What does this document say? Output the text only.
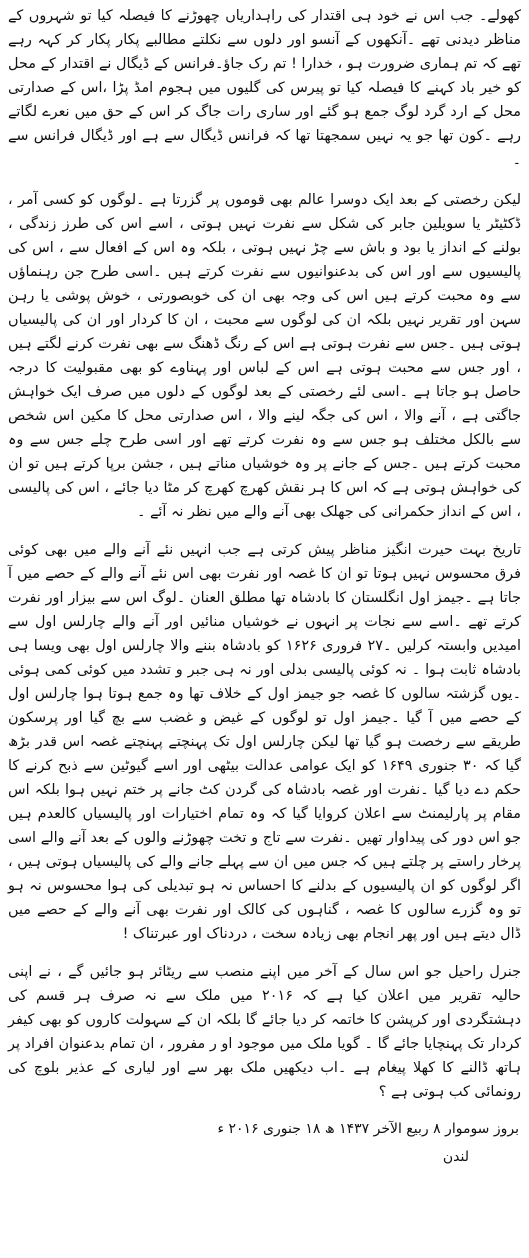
کھولے۔ جب اس نے خود ہی اقتدار کی راہداریاں چھوڑنے کا فیصلہ کیا تو شہروں کے مناظر دیدنی تھے ۔آنکھوں کے آنسو اور دلوں سے نکلتے مطالبے پکار پکار کر کہہ رہے تھے کہ تم ہماری ضرورت ہو ، خدارا ! تم رک جاؤ۔فرانس کے ڈیگال نے اقتدار کے محل کو خیر باد کہنے کا فیصلہ کیا تو پیرس کی گلیوں میں ہجوم امڈ پڑا ،اس کے صدارتی محل کے ارد گرد لوگ جمع ہو گئے اور ساری رات جاگ کر اس کے حق میں نعرے لگاتے رہے ۔کون تھا جو یہ نہیں سمجھتا تھا کہ فرانس ڈیگال سے ہے اور ڈیگال فرانس سے ۔

لیکن رخصتی کے بعد ایک دوسرا عالم بھی قوموں پر گزرتا ہے ۔لوگوں کو کسی آمر ، ڈکٹیٹر یا سویلین جابر کی شکل سے نفرت نہیں ہوتی ، اسے اس کی طرز زندگی ، بولنے کے انداز یا بود و باش سے چڑ نہیں ہوتی ، بلکہ وہ اس کے افعال سے ، اس کی پالیسیوں سے اور اس کی بدعنوانیوں سے نفرت کرتے ہیں ۔اسی طرح جن رہنماؤں سے وہ محبت کرتے ہیں اس کی وجہ بھی ان کی خوبصورتی ، خوش پوشی یا رہن سہن اور تقریر نہیں بلکہ ان کی لوگوں سے محبت ، ان کا کردار اور ان کی پالیسیاں ہوتی ہیں ۔جس سے نفرت ہوتی ہے اس کے رنگ ڈھنگ سے بھی نفرت کرنے لگتے ہیں ، اور جس سے محبت ہوتی ہے اس کے لباس اور پہناوے کو بھی مقبولیت کا درجہ حاصل ہو جاتا ہے ۔اسی لئے رخصتی کے بعد لوگوں کے دلوں میں صرف ایک خواہش جاگتی ہے ، آنے والا ، اس کی جگہ لینے والا ، اس صدارتی محل کا مکین اس شخص سے بالکل مختلف ہو جس سے وہ نفرت کرتے تھے اور اسی طرح چلے جس سے وہ محبت کرتے ہیں ۔جس کے جانے پر وہ خوشیاں مناتے ہیں ، جشن برپا کرتے ہیں تو ان کی خواہش ہوتی ہے کہ اس کا ہر نقش کھرچ کھرچ کر مٹا دیا جائے ، اس کی پالیسی ، اس کے انداز حکمرانی کی جھلک بھی آنے والے میں نظر نہ آئے ۔

تاریخ بہت حیرت انگیز مناظر پیش کرتی ہے جب انہیں نئے آنے والے میں بھی کوئی فرق محسوس نہیں ہوتا تو ان کا غصہ اور نفرت بھی اس نئے آنے والے کے حصے میں آ جاتا ہے ۔جیمز اول انگلستان کا بادشاہ تھا مطلق العنان ۔لوگ اس سے بیزار اور نفرت کرتے تھے ۔اسے سے نجات پر انہوں نے خوشیاں منائیں اور آنے والے چارلس اول سے امیدیں وابستہ کرلیں ۔۲۷ فروری ۱۶۲۶ کو بادشاہ بننے والا چارلس اول بھی ویسا ہی بادشاہ ثابت ہوا ۔ نہ کوئی پالیسی بدلی اور نہ ہی جبر و تشدد میں کوئی کمی ہوئی ۔یوں گزشتہ سالوں کا غصہ جو جیمز اول کے خلاف تھا وہ جمع ہوتا ہوا چارلس اول کے حصے میں آ گیا ۔جیمز اول تو لوگوں کے غیض و غضب سے بچ گیا اور پرسکون طریقے سے رخصت ہو گیا تھا لیکن چارلس اول تک پہنچتے پہنچتے غصہ اس قدر بڑھ گیا کہ ۳۰ جنوری ۱۶۴۹ کو ایک عوامی عدالت بیٹھی اور اسے گیوٹین سے ذبح کرنے کا حکم دے دیا گیا ۔نفرت اور غصہ بادشاہ کی گردن کٹ جانے پر ختم نہیں ہوا بلکہ اس مقام پر پارلیمنٹ سے اعلان کروایا گیا کہ وہ تمام اختیارات اور پالیسیاں کالعدم ہیں جو اس دور کی پیداوار تھیں ۔نفرت سے تاج و تخت چھوڑنے والوں کے بعد آنے والے اسی پرخار راستے پر چلتے ہیں کہ جس میں ان سے پہلے جانے والے کی پالیسیاں ہوتی ہیں ، اگر لوگوں کو ان پالیسیوں کے بدلنے کا احساس نہ ہو تبدیلی کی ہوا محسوس نہ ہو تو وہ گزرے سالوں کا غصہ ، گناہوں کی کالک اور نفرت بھی آنے والے کے حصے میں ڈال دیتے ہیں اور پھر انجام بھی زیادہ سخت ، دردناک اور عبرتناک !

جنرل راحیل جو اس سال کے آخر میں اپنے منصب سے ریٹائر ہو جائیں گے ، نے اپنی حالیہ تقریر میں اعلان کیا ہے کہ ۲۰۱۶ میں ملک سے نہ صرف ہر قسم کی دہشتگردی اور کرپشن کا خاتمہ کر دیا جائے گا بلکہ ان کے سہولت کاروں کو بھی کیفر کردار تک پہنچایا جائے گا ۔ گویا ملک میں موجود او ر مفرور ، ان تمام بدعنوان افراد پر ہاتھ ڈالنے کا کھلا پیغام ہے ۔اب دیکھیں ملک بھر سے اور لیاری کے عذیر بلوچ کی رونمائی کب ہوتی ہے ؟

بروز سوموار ۸ ربیع الآخر ۱۴۳۷ ھ ۱۸ جنوری ۲۰۱۶ ء

لندن
